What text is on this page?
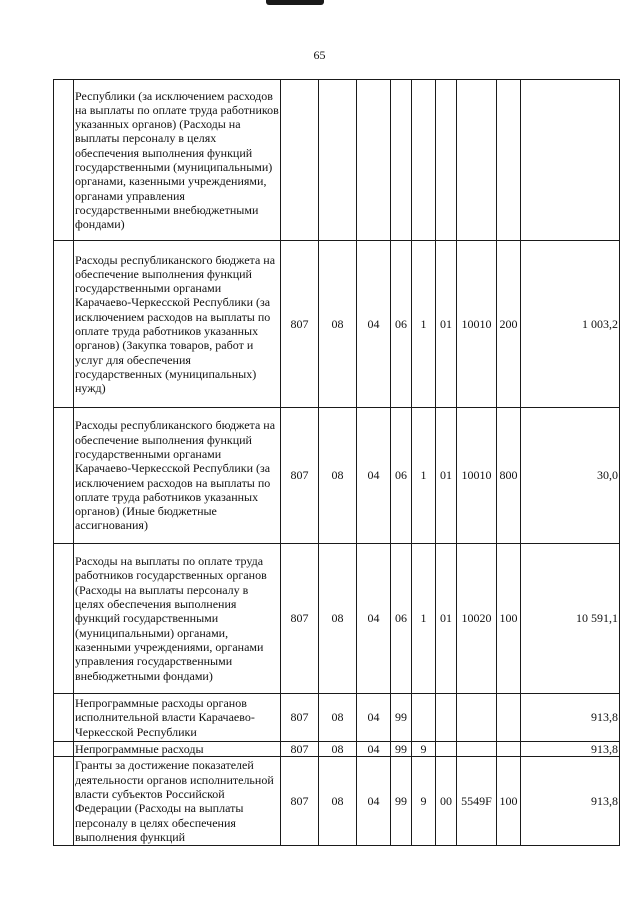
65
	Республики (за исключением расходов на выплаты по оплате труда работников указанных органов) (Расходы на выплаты персоналу в целях обеспечения выполнения функций государственными (муниципальными) органами, казенными учреждениями, органами управления государственными внебюджетными фондами)									
	Расходы республиканского бюджета на обеспечение выполнения функций государственными органами Карачаево-Черкесской Республики (за исключением расходов на выплаты по оплате труда работников указанных органов) (Закупка товаров, работ и услуг для обеспечения государственных (муниципальных) нужд)	807	08	04	06	1	01	10010	200	1 003,2
	Расходы республиканского бюджета на обеспечение выполнения функций государственными органами Карачаево-Черкесской Республики (за исключением расходов на выплаты по оплате труда работников указанных органов) (Иные бюджетные ассигнования)	807	08	04	06	1	01	10010	800	30,0
	Расходы на выплаты по оплате труда работников государственных органов (Расходы на выплаты персоналу в целях обеспечения выполнения функций государственными (муниципальными) органами, казенными учреждениями, органами управления государственными внебюджетными фондами)	807	08	04	06	1	01	10020	100	10 591,1
	Непрограммные расходы органов исполнительной власти Карачаево-Черкесской Республики	807	08	04	99					913,8
	Непрограммные расходы	807	08	04	99	9				913,8
	Гранты за достижение показателей деятельности органов исполнительной власти субъектов Российской Федерации (Расходы на выплаты персоналу в целях обеспечения выполнения функций	807	08	04	99	9	00	5549F	100	913,8
